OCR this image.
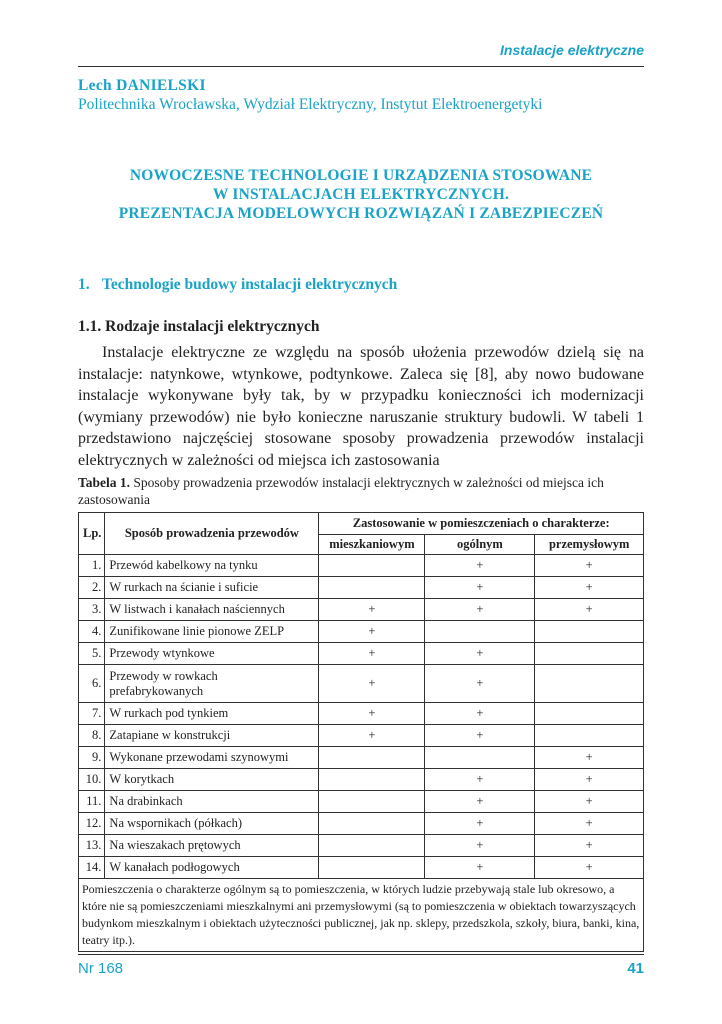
Instalacje elektryczne
Lech DANIELSKI
Politechnika Wrocławska, Wydział Elektryczny, Instytut Elektroenergetyki
NOWOCZESNE TECHNOLOGIE I URZĄDZENIA STOSOWANE
W INSTALACJACH ELEKTRYCZNYCH.
PREZENTACJA MODELOWYCH ROZWIĄZAŃ I ZABEZPIECZEŃ
1. Technologie budowy instalacji elektrycznych
1.1. Rodzaje instalacji elektrycznych

Instalacje elektryczne ze względu na sposób ułożenia przewodów dzielą się na instalacje: natynkowe, wtynkowe, podtynkowe. Zaleca się [8], aby nowo budowane instalacje wykonywane były tak, by w przypadku konieczności ich modernizacji (wymiany przewodów) nie było konieczne naruszanie struktury budowli. W tabeli 1 przedstawiono najczęściej stosowane sposoby prowadzenia przewodów instalacji elektrycznych w zależności od miejsca ich zastosowania

Tabela 1. Sposoby prowadzenia przewodów instalacji elektrycznych w zależności od miejsca ich zastosowania
Lp.	Sposób prowadzenia przewodów	Zastosowanie w pomieszczeniach o charakterze:		
		mieszkaniowym	ogólnym	przemysłowym
1.	Przewód kabelkowy na tynku		+	+
2.	W rurkach na ścianie i suficie		+	+
3.	W listwach i kanałach naściennych	+	+	+
4.	Zunifikowane linie pionowe ZELP	+		
5.	Przewody wtynkowe	+	+	
6.	Przewody w rowkach prefabrykowanych	+	+	
7.	W rurkach pod tynkiem	+	+	
8.	Zatapiane w konstrukcji	+	+	
9.	Wykonane przewodami szynowymi			+
10.	W korytkach		+	+
11.	Na drabinkach		+	+
12.	Na wspornikach (półkach)		+	+
13.	Na wieszakach prętowych		+	+
14.	W kanałach podłogowych		+	+
Pomieszczenia o charakterze ogólnym są to pomieszczenia, w których ludzie przebywają stale lub okresowo, a które nie są pomieszczeniami mieszkalnymi ani przemysłowymi (są to pomieszczenia w obiektach towarzyszących budynkom mieszkalnym i obiektach użyteczności publicznej, jak np. sklepy, przedszkola, szkoły, biura, banki, kina, teatry itp.).				
Nr 168	41
